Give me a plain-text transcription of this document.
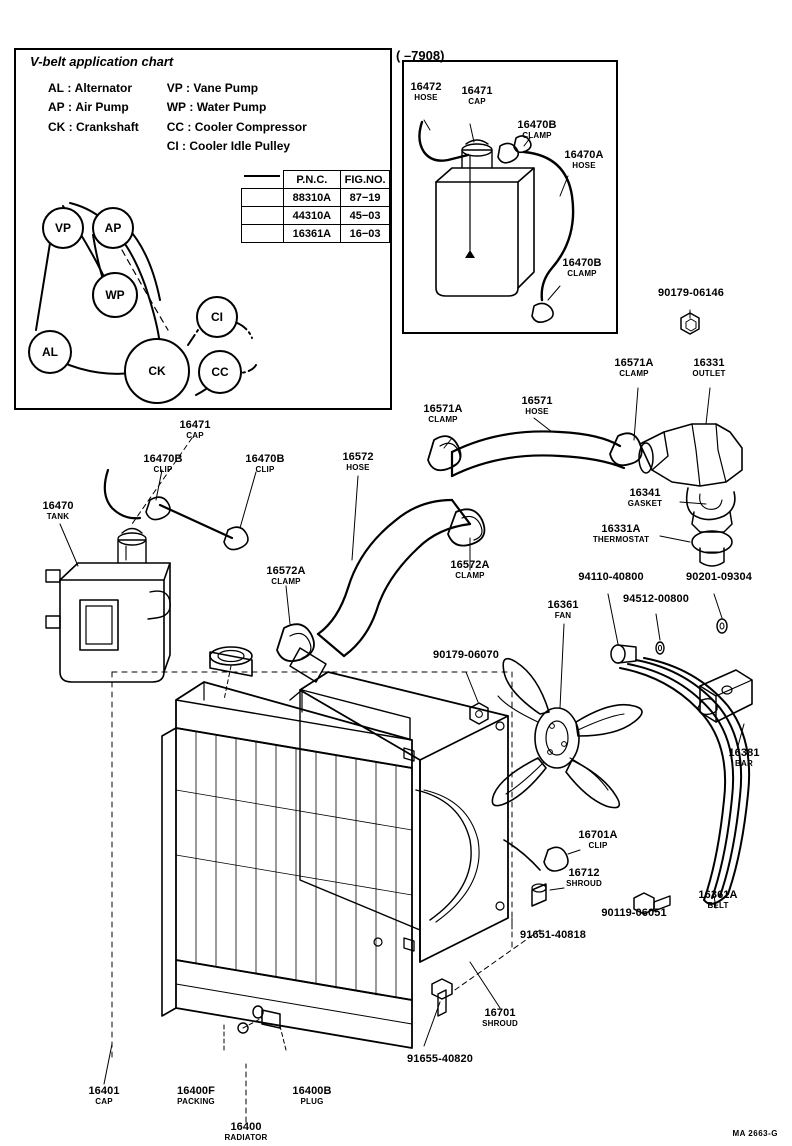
V-belt application chart
AL : Alternator	VP : Vane Pump
AP : Air Pump	WP : Water Pump
CK : Crankshaft	CC : Cooler Compressor
	CI : Cooler Idle Pulley
	P.N.C.	FIG.NO.

	88310A	87−19

	44310A	45−03

	16361A	16−03
VP	AP
WP
CI
AL
CK	CC
( –7908)
16472
HOSE
16471
CAP
16470B
CLAMP
16470A
HOSE
16470B
CLAMP
90179-06146
16471
CAP
16470B
CLIP
16470B
CLIP
16470
TANK
16572
HOSE
16571A
CLAMP
16571
HOSE
16571A
CLAMP
16331
OUTLET
16341
GASKET
16331A
THERMOSTAT
16572A
CLAMP
16572A
CLAMP	94110-40800
94512-00800
90201-09304
16361
FAN
16381
BAR
90179-06070
16701A
CLIP
16712
SHROUD
90119-06051
16361A
BELT
91651-40818
16701
SHROUD
91655-40820
16401
CAP
16400F
PACKING
16400B
PLUG
16400
RADIATOR	MA 2663-G
